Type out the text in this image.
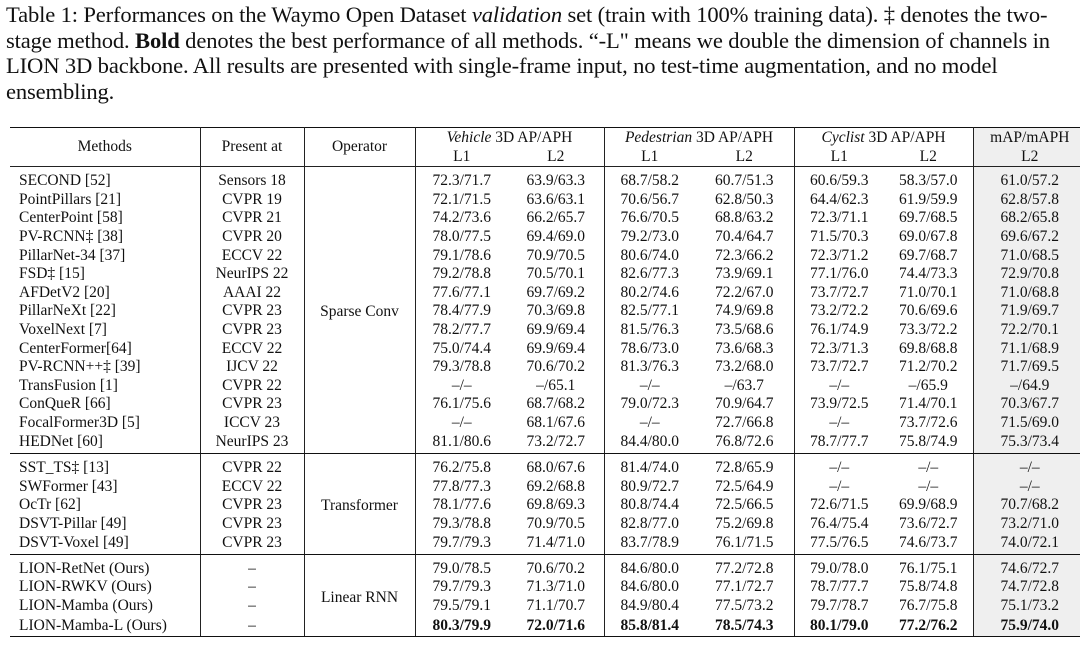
Table 1: Performances on the Waymo Open Dataset validation set (train with 100% training data). ‡ denotes the two-stage method. Bold denotes the best performance of all methods. “-L" means we double the dimension of channels in LION 3D backbone. All results are presented with single-frame input, no test-time augmentation, and no model ensembling.
Methods	Present at	Operator	Vehicle 3D AP/APH		Pedestrian 3D AP/APH		Cyclist 3D AP/APH		mAP/mAPH
			L1	L2	L1	L2	L1	L2	L2

SECOND [52]	Sensors 18	Sparse Conv	72.3/71.7	63.9/63.3	68.7/58.2	60.7/51.3	60.6/59.3	58.3/57.0	61.0/57.2
PointPillars [21]	CVPR 19		72.1/71.5	63.6/63.1	70.6/56.7	62.8/50.3	64.4/62.3	61.9/59.9	62.8/57.8
CenterPoint [58]	CVPR 21		74.2/73.6	66.2/65.7	76.6/70.5	68.8/63.2	72.3/71.1	69.7/68.5	68.2/65.8
PV-RCNN‡ [38]	CVPR 20		78.0/77.5	69.4/69.0	79.2/73.0	70.4/64.7	71.5/70.3	69.0/67.8	69.6/67.2
PillarNet-34 [37]	ECCV 22		79.1/78.6	70.9/70.5	80.6/74.0	72.3/66.2	72.3/71.2	69.7/68.7	71.0/68.5
FSD‡ [15]	NeurIPS 22		79.2/78.8	70.5/70.1	82.6/77.3	73.9/69.1	77.1/76.0	74.4/73.3	72.9/70.8
AFDetV2 [20]	AAAI 22		77.6/77.1	69.7/69.2	80.2/74.6	72.2/67.0	73.7/72.7	71.0/70.1	71.0/68.8
PillarNeXt [22]	CVPR 23		78.4/77.9	70.3/69.8	82.5/77.1	74.9/69.8	73.2/72.2	70.6/69.6	71.9/69.7
VoxelNext [7]	CVPR 23		78.2/77.7	69.9/69.4	81.5/76.3	73.5/68.6	76.1/74.9	73.3/72.2	72.2/70.1
CenterFormer[64]	ECCV 22		75.0/74.4	69.9/69.4	78.6/73.0	73.6/68.3	72.3/71.3	69.8/68.8	71.1/68.9
PV-RCNN++‡ [39]	IJCV 22		79.3/78.8	70.6/70.2	81.3/76.3	73.2/68.0	73.7/72.7	71.2/70.2	71.7/69.5
TransFusion [1]	CVPR 22		–/–	–/65.1	–/–	–/63.7	–/–	–/65.9	–/64.9
ConQueR [66]	CVPR 23		76.1/75.6	68.7/68.2	79.0/72.3	70.9/64.7	73.9/72.5	71.4/70.1	70.3/67.7
FocalFormer3D [5]	ICCV 23		–/–	68.1/67.6	–/–	72.7/66.8	–/–	73.7/72.6	71.5/69.0
HEDNet [60]	NeurIPS 23		81.1/80.6	73.2/72.7	84.4/80.0	76.8/72.6	78.7/77.7	75.8/74.9	75.3/73.4

SST_TS‡ [13]	CVPR 22	Transformer	76.2/75.8	68.0/67.6	81.4/74.0	72.8/65.9	–/–	–/–	–/–
SWFormer [43]	ECCV 22		77.8/77.3	69.2/68.8	80.9/72.7	72.5/64.9	–/–	–/–	–/–
OcTr [62]	CVPR 23		78.1/77.6	69.8/69.3	80.8/74.4	72.5/66.5	72.6/71.5	69.9/68.9	70.7/68.2
DSVT-Pillar [49]	CVPR 23		79.3/78.8	70.9/70.5	82.8/77.0	75.2/69.8	76.4/75.4	73.6/72.7	73.2/71.0
DSVT-Voxel [49]	CVPR 23		79.7/79.3	71.4/71.0	83.7/78.9	76.1/71.5	77.5/76.5	74.6/73.7	74.0/72.1

LION-RetNet (Ours)	–	Linear RNN	79.0/78.5	70.6/70.2	84.6/80.0	77.2/72.8	79.0/78.0	76.1/75.1	74.6/72.7
LION-RWKV (Ours)	–		79.7/79.3	71.3/71.0	84.6/80.0	77.1/72.7	78.7/77.7	75.8/74.8	74.7/72.8
LION-Mamba (Ours)	–		79.5/79.1	71.1/70.7	84.9/80.4	77.5/73.2	79.7/78.7	76.7/75.8	75.1/73.2
LION-Mamba-L (Ours)	–		80.3/79.9	72.0/71.6	85.8/81.4	78.5/74.3	80.1/79.0	77.2/76.2	75.9/74.0
